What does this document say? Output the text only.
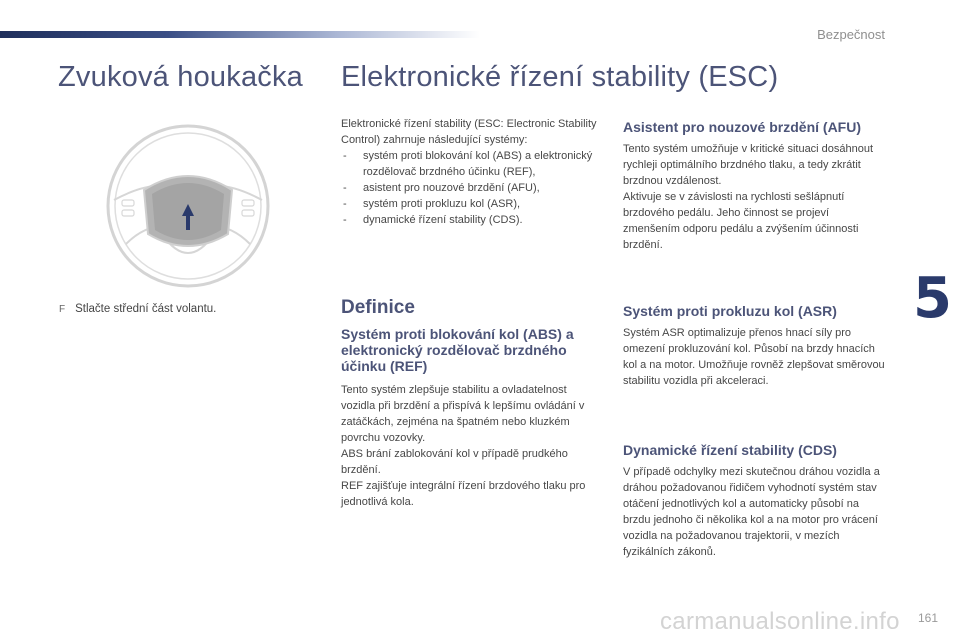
Bezpečnost
5
Zvuková houkačka Elektronické řízení stability (ESC)
F Stlačte střední část volantu.

Elektronické řízení stability (ESC: Electronic Stability Control) zahrnuje následující systémy:

- systém proti blokování kol (ABS) a elektronický rozdělovač brzdného účinku (REF),
- asistent pro nouzové brzdění (AFU),
- systém proti prokluzu kol (ASR),
- dynamické řízení stability (CDS).
Definice
Systém proti blokování kol (ABS) a elektronický rozdělovač brzdného účinku (REF)

Tento systém zlepšuje stabilitu a ovladatelnost vozidla při brzdění a přispívá k lepšímu ovládání v zatáčkách, zejména na špatném nebo kluzkém povrchu vozovky.

ABS brání zablokování kol v případě prudkého brzdění.

REF zajišťuje integrální řízení brzdového tlaku pro jednotlivá kola.

Asistent pro nouzové brzdění (AFU)

Tento systém umožňuje v kritické situaci dosáhnout rychleji optimálního brzdného tlaku, a tedy zkrátit brzdnou vzdálenost.

Aktivuje se v závislosti na rychlosti sešlápnutí brzdového pedálu. Jeho činnost se projeví zmenšením odporu pedálu a zvýšením účinnosti brzdění.

Systém proti prokluzu kol (ASR)

Systém ASR optimalizuje přenos hnací síly pro omezení prokluzování kol. Působí na brzdy hnacích kol a na motor. Umožňuje rovněž zlepšovat směrovou stabilitu vozidla při akceleraci.

Dynamické řízení stability (CDS)

V případě odchylky mezi skutečnou dráhou vozidla a dráhou požadovanou řidičem vyhodnotí systém stav otáčení jednotlivých kol a automaticky působí na brzdu jednoho či několika kol a na motor pro vrácení vozidla na požadovanou trajektorii, v mezích fyzikálních zákonů.

carmanualsonline.info 161
